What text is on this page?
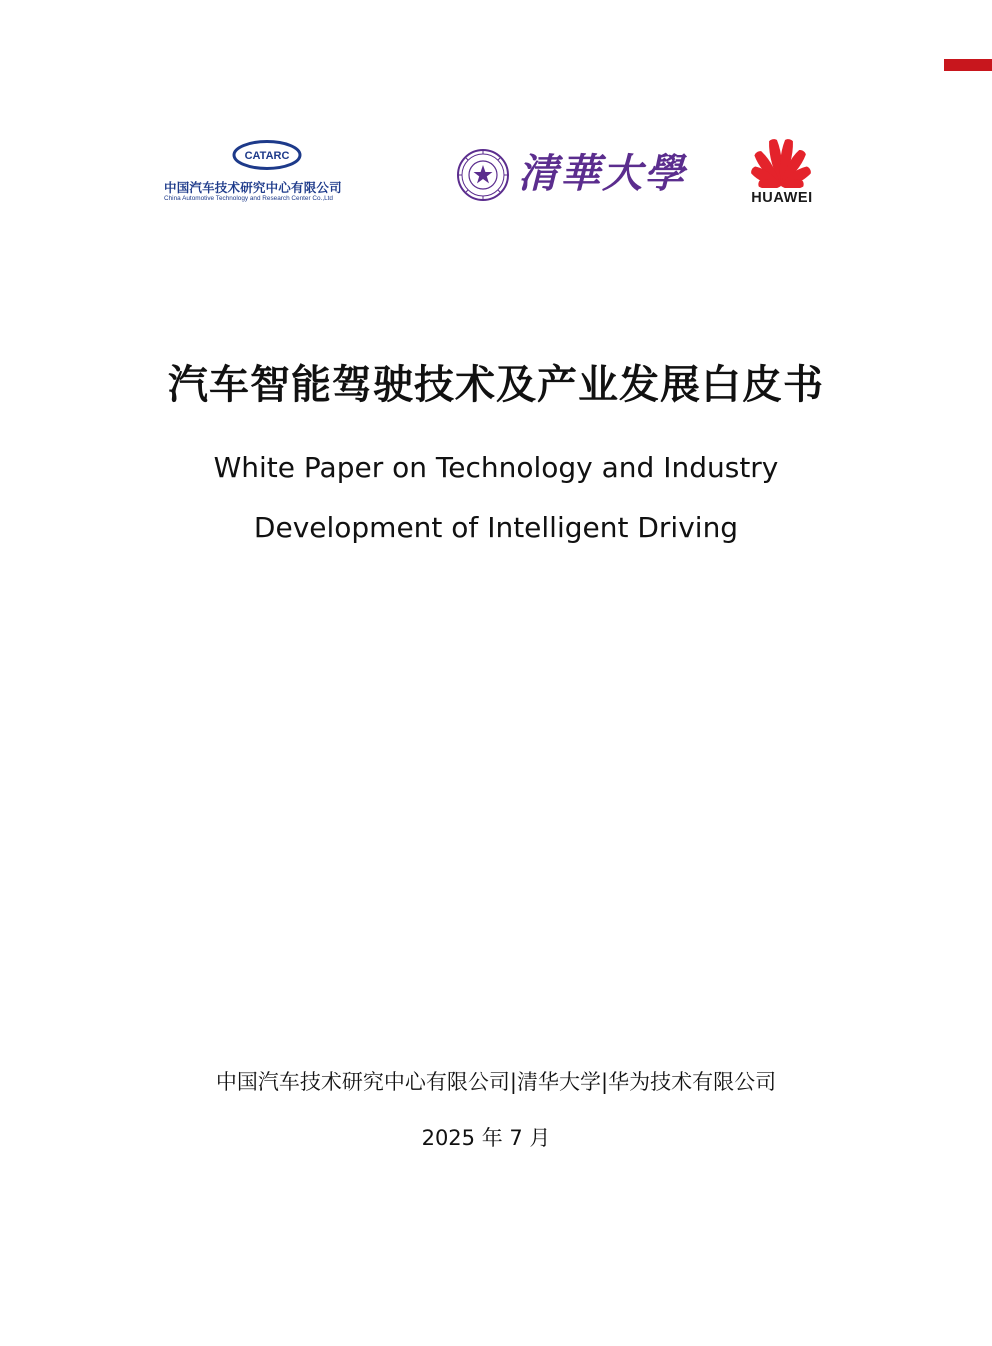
CATARC
中国汽车技术研究中心有限公司
China Automotive Technology and Research Center Co.,Ltd
清華大學
HUAWEI
汽车智能驾驶技术及产业发展白皮书
White Paper on Technology and Industry
Development of Intelligent Driving
中国汽车技术研究中心有限公司|清华大学|华为技术有限公司
2025 年 7 月
